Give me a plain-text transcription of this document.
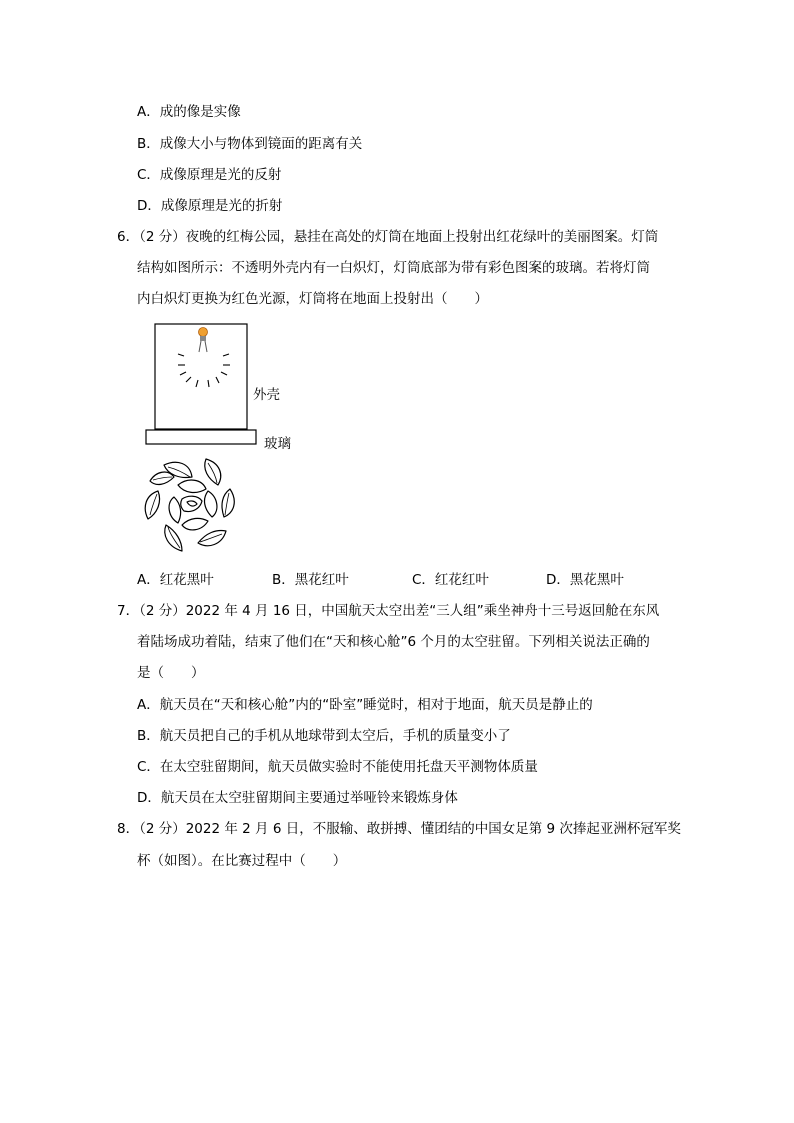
A．成的像是实像
B．成像大小与物体到镜面的距离有关
C．成像原理是光的反射
D．成像原理是光的折射
6．（2 分）夜晚的红梅公园，悬挂在高处的灯筒在地面上投射出红花绿叶的美丽图案。灯筒
结构如图所示：不透明外壳内有一白炽灯，灯筒底部为带有彩色图案的玻璃。若将灯筒
内白炽灯更换为红色光源，灯筒将在地面上投射出（　　）
外壳
玻璃
A．红花黑叶	B．黑花红叶	C．红花红叶	D．黑花黑叶
7．（2 分）2022 年 4 月 16 日，中国航天太空出差“三人组”乘坐神舟十三号返回舱在东风
着陆场成功着陆，结束了他们在“天和核心舱”6 个月的太空驻留。下列相关说法正确的
是（　　）
A．航天员在“天和核心舱”内的“卧室”睡觉时，相对于地面，航天员是静止的
B．航天员把自己的手机从地球带到太空后，手机的质量变小了
C．在太空驻留期间，航天员做实验时不能使用托盘天平测物体质量
D．航天员在太空驻留期间主要通过举哑铃来锻炼身体
8．（2 分）2022 年 2 月 6 日，不服输、敢拼搏、懂团结的中国女足第 9 次捧起亚洲杯冠军奖
杯（如图）。在比赛过程中（　　）
